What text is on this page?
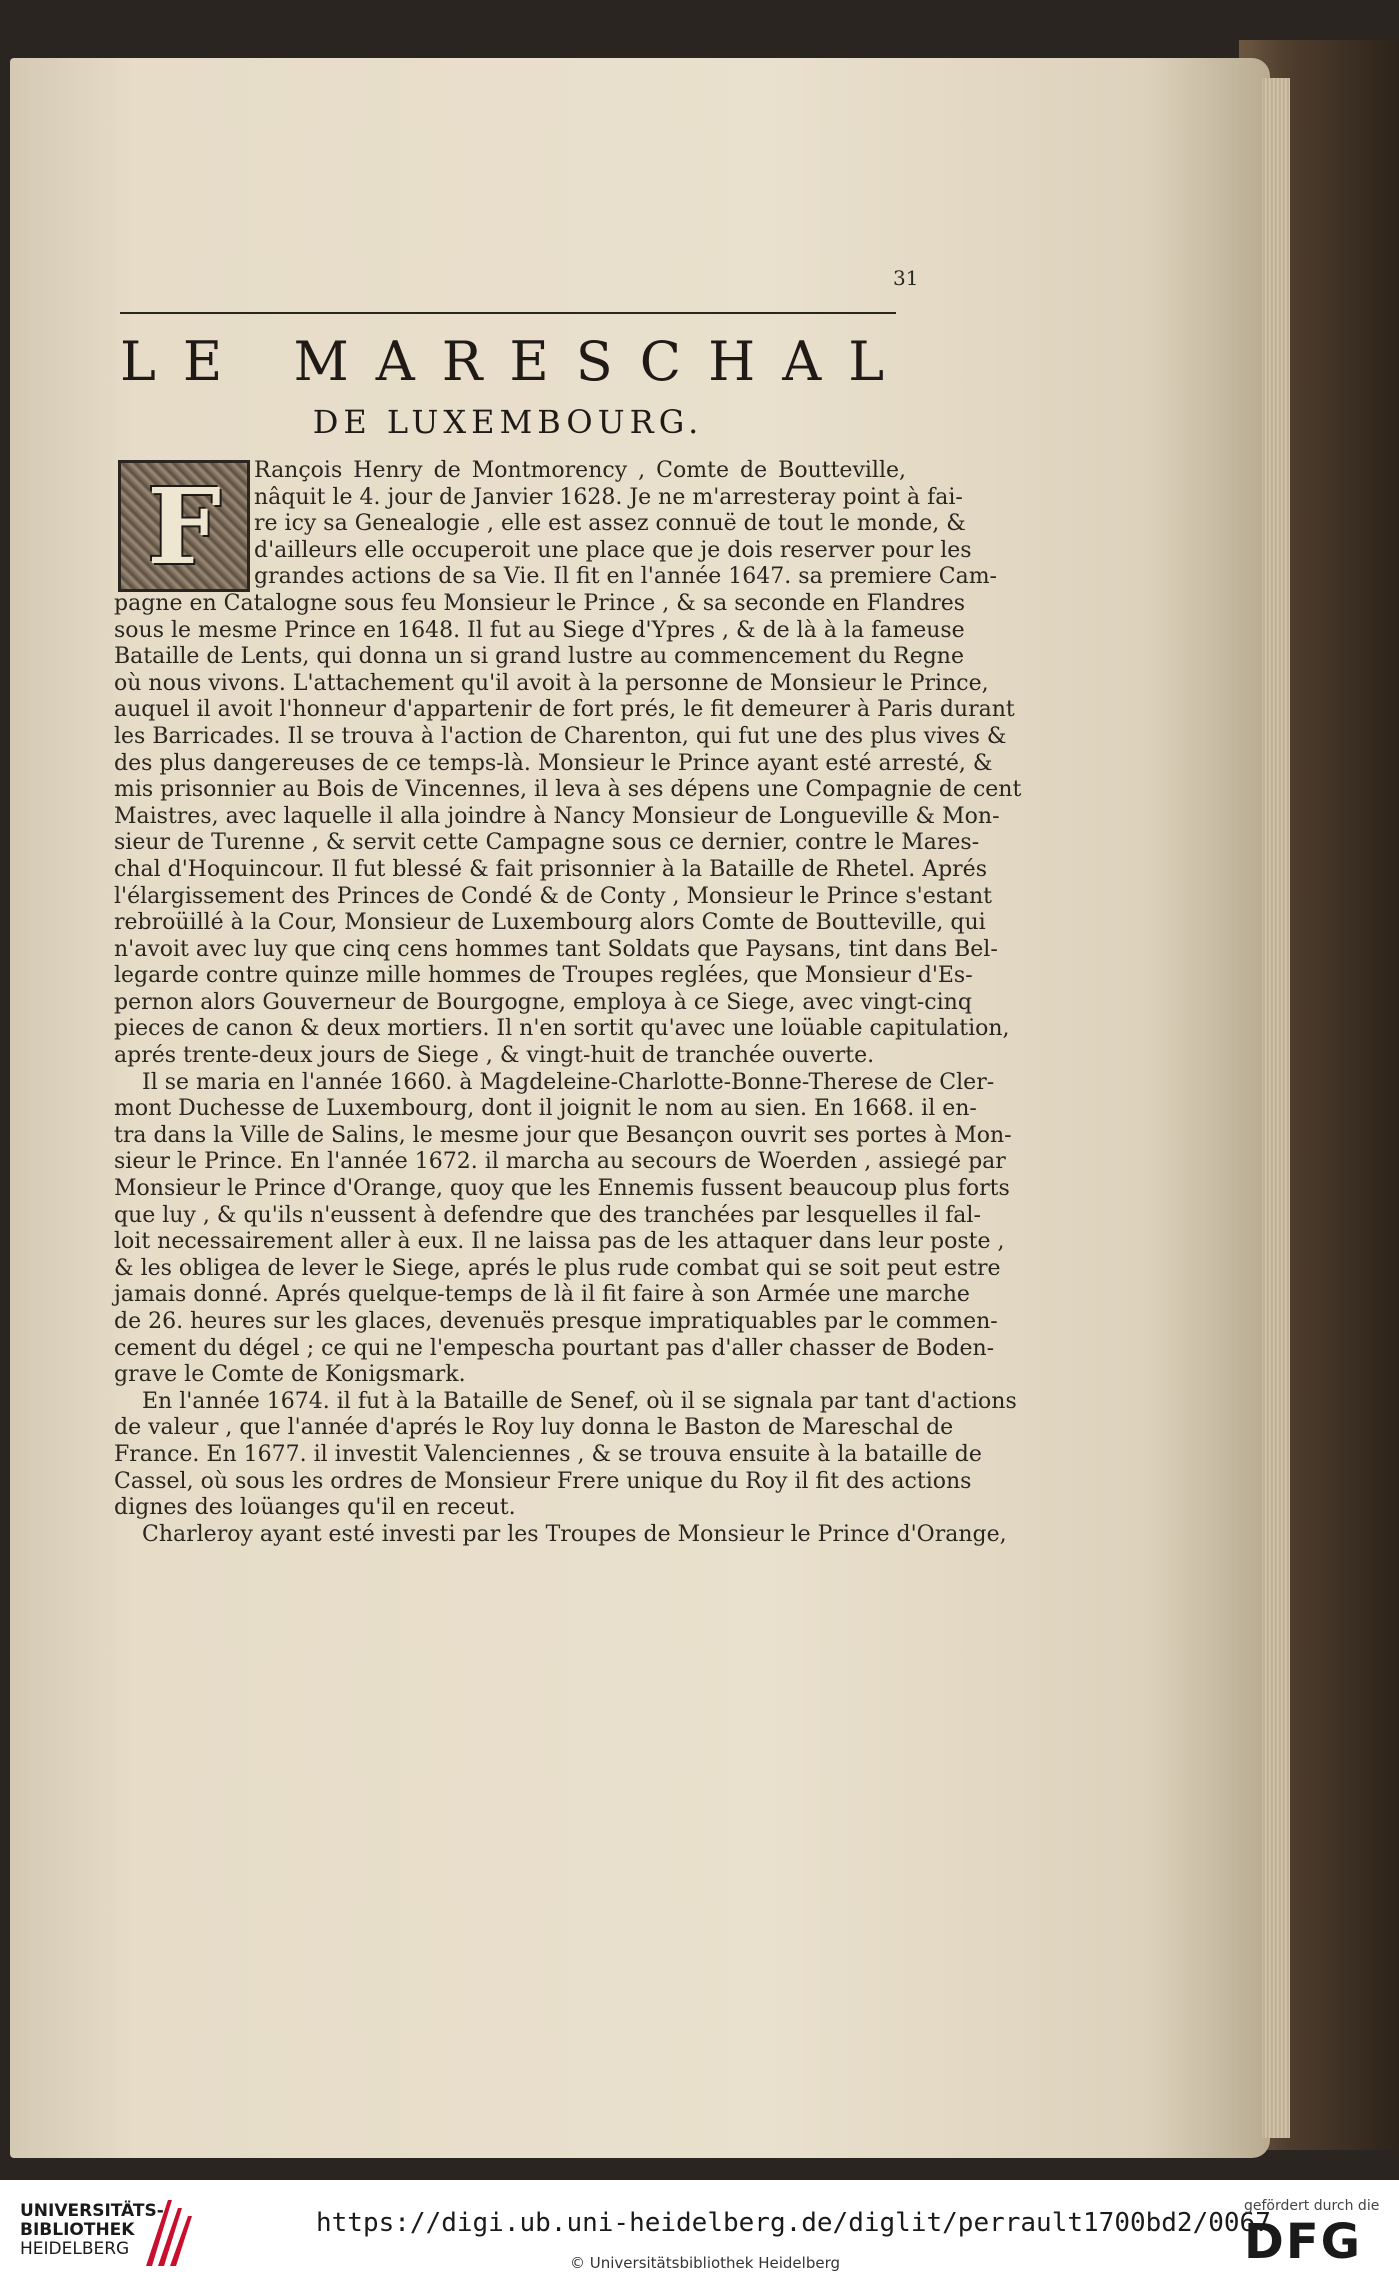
31
LE MARESCHAL
DE LUXEMBOURG.
F	Rançois Henry de Montmorency , Comte de Boutteville,
nâquit le 4. jour de Janvier 1628. Je ne m'arresteray point à fai-
re icy sa Genealogie , elle est assez connuë de tout le monde, &
d'ailleurs elle occuperoit une place que je dois reserver pour les
grandes actions de sa Vie. Il fit en l'année 1647. sa premiere Cam-
pagne en Catalogne sous feu Monsieur le Prince , & sa seconde en Flandres
sous le mesme Prince en 1648. Il fut au Siege d'Ypres , & de là à la fameuse
Bataille de Lents, qui donna un si grand lustre au commencement du Regne
où nous vivons. L'attachement qu'il avoit à la personne de Monsieur le Prince,
auquel il avoit l'honneur d'appartenir de fort prés, le fit demeurer à Paris durant
les Barricades. Il se trouva à l'action de Charenton, qui fut une des plus vives &
des plus dangereuses de ce temps-là. Monsieur le Prince ayant esté arresté, &
mis prisonnier au Bois de Vincennes, il leva à ses dépens une Compagnie de cent
Maistres, avec laquelle il alla joindre à Nancy Monsieur de Longueville & Mon-
sieur de Turenne , & servit cette Campagne sous ce dernier, contre le Mares-
chal d'Hoquincour. Il fut blessé & fait prisonnier à la Bataille de Rhetel. Aprés
l'élargissement des Princes de Condé & de Conty , Monsieur le Prince s'estant
rebroüillé à la Cour, Monsieur de Luxembourg alors Comte de Boutteville, qui
n'avoit avec luy que cinq cens hommes tant Soldats que Paysans, tint dans Bel-
legarde contre quinze mille hommes de Troupes reglées, que Monsieur d'Es-
pernon alors Gouverneur de Bourgogne, employa à ce Siege, avec vingt-cinq
pieces de canon & deux mortiers. Il n'en sortit qu'avec une loüable capitulation,
aprés trente-deux jours de Siege , & vingt-huit de tranchée ouverte.
Il se maria en l'année 1660. à Magdeleine-Charlotte-Bonne-Therese de Cler-
mont Duchesse de Luxembourg, dont il joignit le nom au sien. En 1668. il en-
tra dans la Ville de Salins, le mesme jour que Besançon ouvrit ses portes à Mon-
sieur le Prince. En l'année 1672. il marcha au secours de Woerden , assiegé par
Monsieur le Prince d'Orange, quoy que les Ennemis fussent beaucoup plus forts
que luy , & qu'ils n'eussent à defendre que des tranchées par lesquelles il fal-
loit necessairement aller à eux. Il ne laissa pas de les attaquer dans leur poste ,
& les obligea de lever le Siege, aprés le plus rude combat qui se soit peut estre
jamais donné. Aprés quelque-temps de là il fit faire à son Armée une marche
de 26. heures sur les glaces, devenuës presque impratiquables par le commen-
cement du dégel ; ce qui ne l'empescha pourtant pas d'aller chasser de Boden-
grave le Comte de Konigsmark.
En l'année 1674. il fut à la Bataille de Senef, où il se signala par tant d'actions
de valeur , que l'année d'aprés le Roy luy donna le Baston de Mareschal de
France. En 1677. il investit Valenciennes , & se trouva ensuite à la bataille de
Cassel, où sous les ordres de Monsieur Frere unique du Roy il fit des actions
dignes des loüanges qu'il en receut.
Charleroy ayant esté investi par les Troupes de Monsieur le Prince d'Orange,
UNIVERSITÄTS-
BIBLIOTHEK
HEIDELBERG
https://digi.ub.uni-heidelberg.de/diglit/perrault1700bd2/0067
© Universitätsbibliothek Heidelberg
gefördert durch die
DFG
